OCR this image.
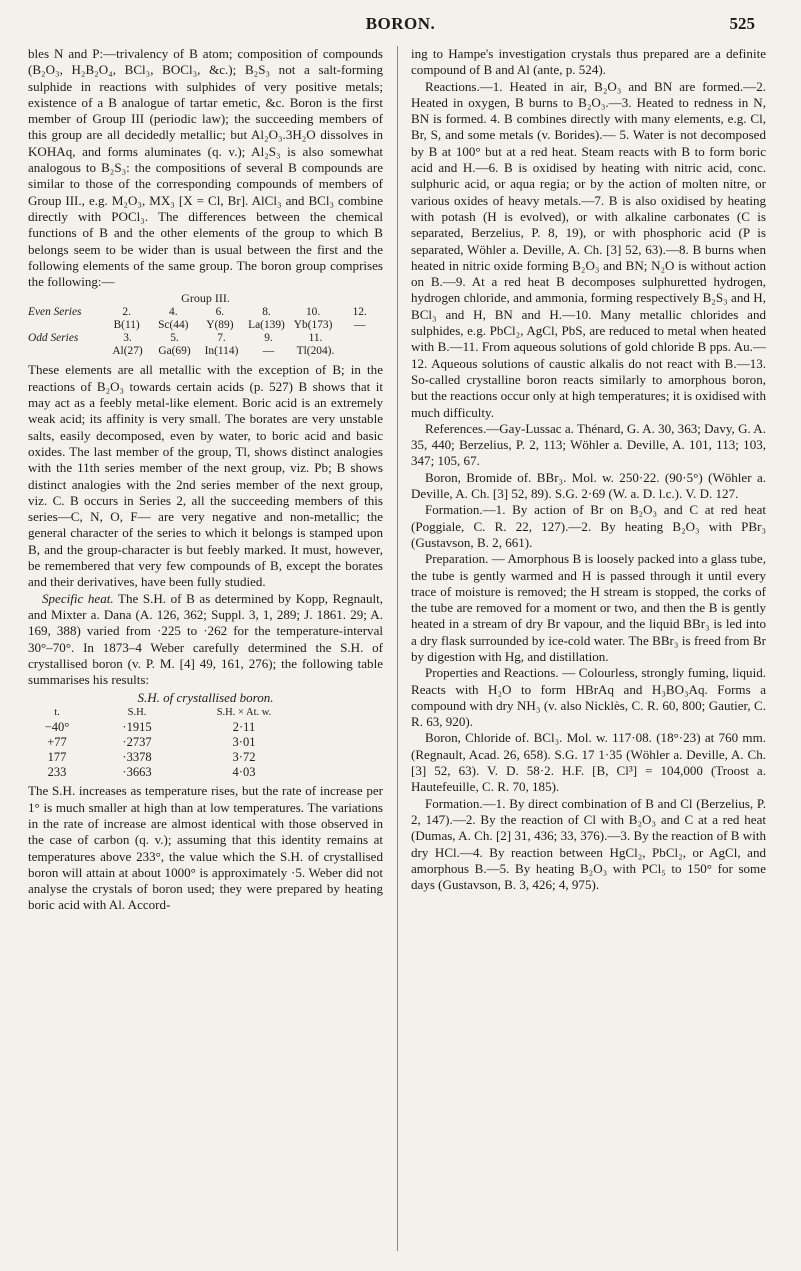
BORON.	525

bles N and P:—trivalency of B atom; composition of compounds (B₂O₃, H₂B₂O₄, BCl₃, BOCl₃, &c.); B₂S₃ not a salt-forming sulphide in reactions with sulphides of very positive metals; existence of a B analogue of tartar emetic, &c. Boron is the first member of Group III (periodic law); the succeeding members of this group are all decidedly metallic; but Al₂O₃.3H₂O dissolves in KOHAq, and forms aluminates (q. v.); Al₂S₃ is also somewhat analogous to B₂S₃: the compositions of several B compounds are similar to those of the corresponding compounds of members of Group III., e.g. M₂O₃, MX₃ [X = Cl, Br]. AlCl₃ and BCl₃ combine directly with POCl₃. The differences between the chemical functions of B and the other elements of the group to which B belongs seem to be wider than is usual between the first and the following elements of the same group. The boron group comprises the following:—

Group III.
Even Series	2.	4.	6.	8.	10.	12.
B(11)	Sc(44)	Y(89)	La(139) Yb(173)	—
Odd Series	3.	5.	7.	9.	11.
Al(27)	Ga(69)	In(114)	—	Tl(204).

These elements are all metallic with the exception of B; in the reactions of B₂O₃ towards certain acids (p. 527) B shows that it may act as a feebly metal-like element. Boric acid is an extremely weak acid; its affinity is very small. The borates are very unstable salts, easily decomposed, even by water, to boric acid and basic oxides. The last member of the group, Tl, shows distinct analogies with the 11th series member of the next group, viz. Pb; B shows distinct analogies with the 2nd series member of the next group, viz. C. B occurs in Series 2, all the succeeding members of this series—C, N, O, F— are very negative and non-metallic; the general character of the series to which it belongs is stamped upon B, and the group-character is but feebly marked. It must, however, be remembered that very few compounds of B, except the borates and their derivatives, have been fully studied.

Specific heat. The S.H. of B as determined by Kopp, Regnault, and Mixter a. Dana (A. 126, 362; Suppl. 3, 1, 289; J. 1861. 29; A. 169, 388) varied from ·225 to ·262 for the temperature-interval 30°–70°. In 1873–4 Weber carefully determined the S.H. of crystallised boron (v. P. M. [4] 49, 161, 276); the following table summarises his results:

S.H. of crystallised boron.
t.	S.H.	S.H. × At. w.
−40°	·1915	2·11
+77	·2737	3·01
177	·3378	3·72
233	·3663	4·03

The S.H. increases as temperature rises, but the rate of increase per 1° is much smaller at high than at low temperatures. The variations in the rate of increase are almost identical with those observed in the case of carbon (q. v.); assuming that this identity remains at temperatures above 233°, the value which the S.H. of crystallised boron will attain at about 1000° is approximately ·5. Weber did not analyse the crystals of boron used; they were prepared by heating boric acid with Al. Accord-

ing to Hampe's investigation crystals thus prepared are a definite compound of B and Al (ante, p. 524).

Reactions.—1. Heated in air, B₂O₃ and BN are formed.—2. Heated in oxygen, B burns to B₂O₃.—3. Heated to redness in N, BN is formed. 4. B combines directly with many elements, e.g. Cl, Br, S, and some metals (v. Borides).— 5. Water is not decomposed by B at 100° but at a red heat. Steam reacts with B to form boric acid and H.—6. B is oxidised by heating with nitric acid, conc. sulphuric acid, or aqua regia; or by the action of molten nitre, or various oxides of heavy metals.—7. B is also oxidised by heating with potash (H is evolved), or with alkaline carbonates (C is separated, Berzelius, P. 8, 19), or with phosphoric acid (P is separated, Wöhler a. Deville, A. Ch. [3] 52, 63).—8. B burns when heated in nitric oxide forming B₂O₃ and BN; N₂O is without action on B.—9. At a red heat B decomposes sulphuretted hydrogen, hydrogen chloride, and ammonia, forming respectively B₂S₃ and H, BCl₃ and H, BN and H.—10. Many metallic chlorides and sulphides, e.g. PbCl₂, AgCl, PbS, are reduced to metal when heated with B.—11. From aqueous solutions of gold chloride B pps. Au.—12. Aqueous solutions of caustic alkalis do not react with B.—13. So-called crystalline boron reacts similarly to amorphous boron, but the reactions occur only at high temperatures; it is oxidised with much difficulty.

References.—Gay-Lussac a. Thénard, G. A. 30, 363; Davy, G. A. 35, 440; Berzelius, P. 2, 113; Wöhler a. Deville, A. 101, 113; 103, 347; 105, 67.

Boron, Bromide of. BBr₃. Mol. w. 250·22. (90·5°) (Wöhler a. Deville, A. Ch. [3] 52, 89). S.G. 2·69 (W. a. D. l.c.). V. D. 127.

Formation.—1. By action of Br on B₂O₃ and C at red heat (Poggiale, C. R. 22, 127).—2. By heating B₂O₃ with PBr₃ (Gustavson, B. 2, 661).

Preparation. — Amorphous B is loosely packed into a glass tube, the tube is gently warmed and H is passed through it until every trace of moisture is removed; the H stream is stopped, the corks of the tube are removed for a moment or two, and then the B is gently heated in a stream of dry Br vapour, and the liquid BBr₃ is led into a dry flask surrounded by ice-cold water. The BBr₃ is freed from Br by digestion with Hg, and distillation.

Properties and Reactions. — Colourless, strongly fuming, liquid. Reacts with H₂O to form HBrAq and H₃BO₃Aq. Forms a compound with dry NH₃ (v. also Nicklès, C. R. 60, 800; Gautier, C. R. 63, 920).

Boron, Chloride of. BCl₃. Mol. w. 117·08. (18°·23) at 760 mm. (Regnault, Acad. 26, 658). S.G. 17 1·35 (Wöhler a. Deville, A. Ch. [3] 52, 63). V. D. 58·2. H.F. [B, Cl³] = 104,000 (Troost a. Hautefeuille, C. R. 70, 185).

Formation.—1. By direct combination of B and Cl (Berzelius, P. 2, 147).—2. By the reaction of Cl with B₂O₃ and C at a red heat (Dumas, A. Ch. [2] 31, 436; 33, 376).—3. By the reaction of B with dry HCl.—4. By reaction between HgCl₂, PbCl₂, or AgCl, and amorphous B.—5. By heating B₂O₃ with PCl₅ to 150° for some days (Gustavson, B. 3, 426; 4, 975).
